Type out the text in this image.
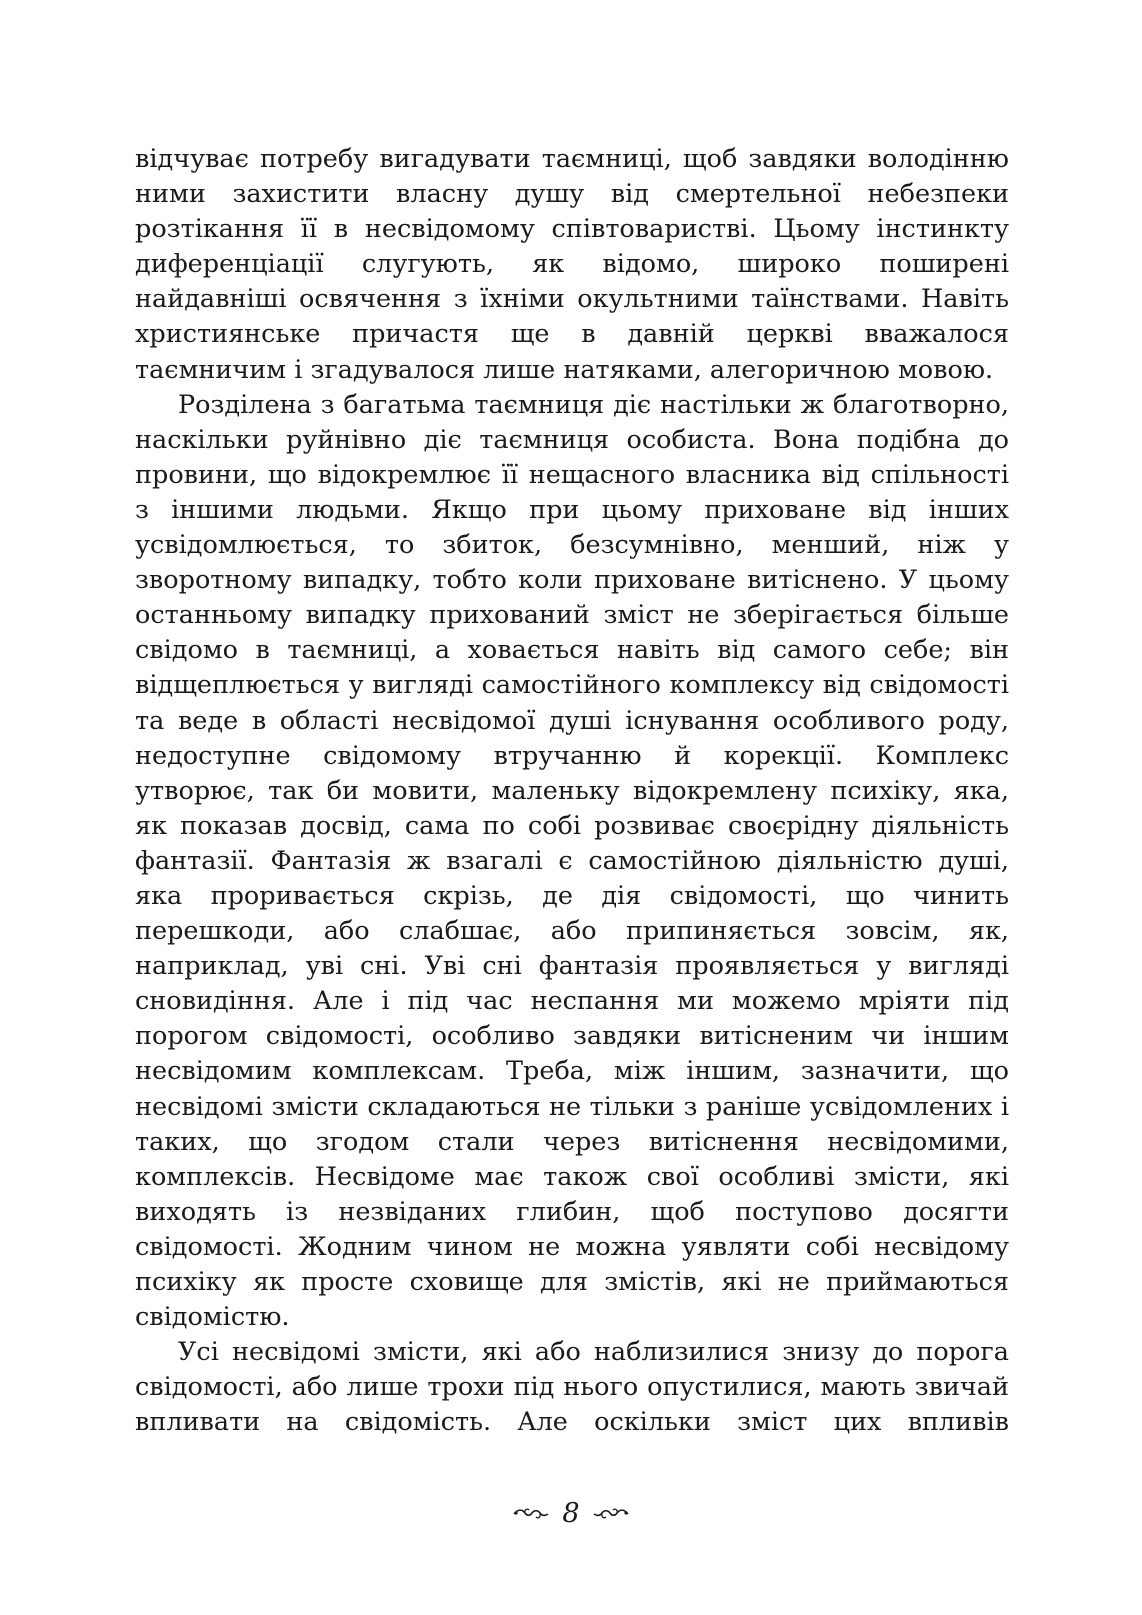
відчуває потребу вигадувати таємниці, щоб завдяки володінню ними захистити власну душу від смертельної небезпеки розтікання її в несвідомому співтоваристві. Цьому інстинкту диференціації слугують, як відомо, широко поширені найдавніші освячення з їхніми окультними таїнствами. Навіть християнське причастя ще в давній церкві вважалося таємничим і згадувалося лише натяками, алегоричною мовою.

Розділена з багатьма таємниця діє настільки ж благотворно, наскільки руйнівно діє таємниця особиста. Вона подібна до провини, що відокремлює її нещасного власника від спільності з іншими людьми. Якщо при цьому приховане від інших усвідомлюється, то збиток, безсумнівно, менший, ніж у зворотному випадку, тобто коли приховане витіснено. У цьому останньому випадку прихований зміст не зберігається більше свідомо в таємниці, а ховається навіть від самого себе; він відщеплюється у вигляді самостійного комплексу від свідомості та веде в області несвідомої душі існування особливого роду, недоступне свідомому втручанню й корекції. Комплекс утворює, так би мовити, маленьку відокремлену психіку, яка, як показав досвід, сама по собі розвиває своєрідну діяльність фантазії. Фантазія ж взагалі є самостійною діяльністю душі, яка проривається скрізь, де дія свідомості, що чинить перешкоди, або слабшає, або припиняється зовсім, як, наприклад, уві сні. Уві сні фантазія проявляється у вигляді сновидіння. Але і під час неспання ми можемо мріяти під порогом свідомості, особливо завдяки витісненим чи іншим несвідомим комплексам. Треба, між іншим, зазначити, що несвідомі змісти складаються не тільки з раніше усвідомлених і таких, що згодом стали через витіснення несвідомими, комплексів. Несвідоме має також свої особливі змісти, які виходять із незвіданих глибин, щоб поступово досягти свідомості. Жодним чином не можна уявляти собі несвідому психіку як просте сховище для змістів, які не приймаються свідомістю.

Усі несвідомі змісти, які або наблизилися знизу до порога свідомості, або лише трохи під нього опустилися, мають звичай впливати на свідомість. Але оскільки зміст цих впливів

8
